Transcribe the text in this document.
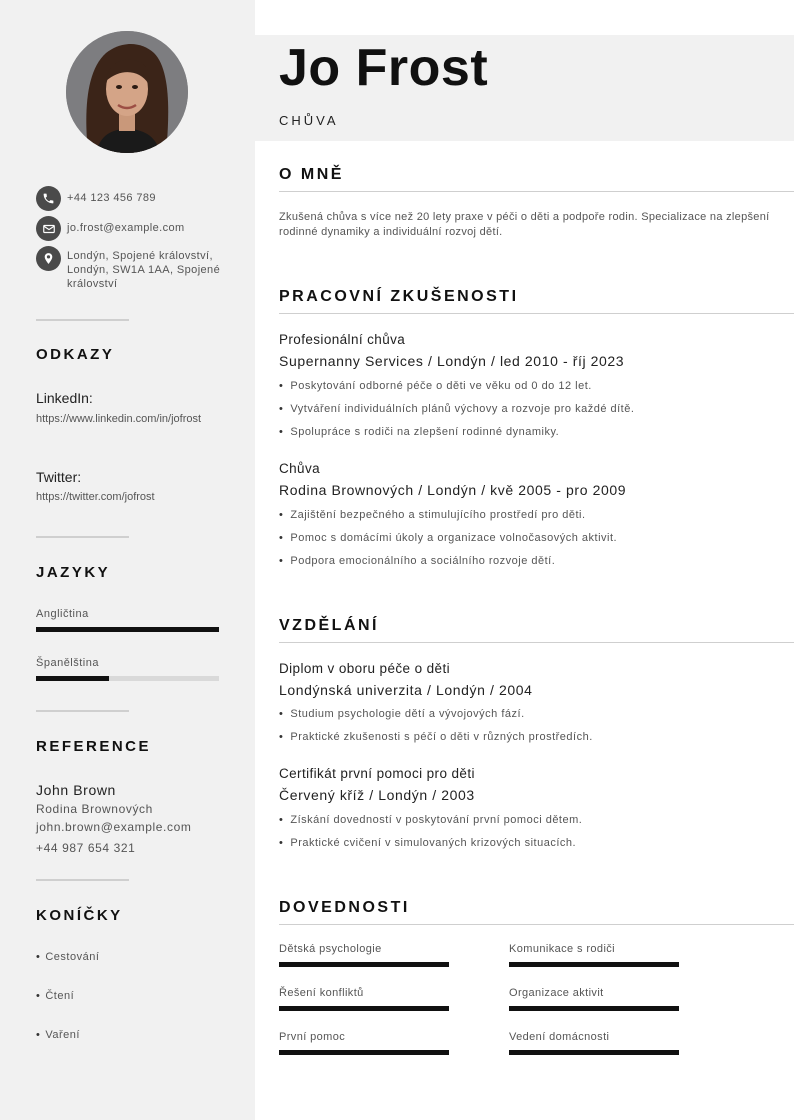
+44 123 456 789
jo.frost@example.com
Londýn, Spojené království, Londýn, SW1A 1AA, Spojené království
ODKAZY
LinkedIn:
https://www.linkedin.com/in/jofrost
Twitter:
https://twitter.com/jofrost
JAZYKY
Angličtina
Španělština
REFERENCE
John Brown
Rodina Brownových
john.brown@example.com
+44 987 654 321
KONÍČKY
• Cestování
• Čtení
• Vaření
Jo Frost
CHŮVA
O MNĚ
Zkušená chůva s více než 20 lety praxe v péči o děti a podpoře rodin. Specializace na zlepšení rodinné dynamiky a individuální rozvoj dětí.
PRACOVNÍ ZKUŠENOSTI
Profesionální chůva
Supernanny Services / Londýn / led 2010 - říj 2023
• Poskytování odborné péče o děti ve věku od 0 do 12 let.
• Vytváření individuálních plánů výchovy a rozvoje pro každé dítě.
• Spolupráce s rodiči na zlepšení rodinné dynamiky.
Chůva
Rodina Brownových / Londýn / kvě 2005 - pro 2009
• Zajištění bezpečného a stimulujícího prostředí pro děti.
• Pomoc s domácími úkoly a organizace volnočasových aktivit.
• Podpora emocionálního a sociálního rozvoje dětí.
VZDĚLÁNÍ
Diplom v oboru péče o děti
Londýnská univerzita / Londýn / 2004
• Studium psychologie dětí a vývojových fází.
• Praktické zkušenosti s péčí o děti v různých prostředích.
Certifikát první pomoci pro děti
Červený kříž / Londýn / 2003
• Získání dovedností v poskytování první pomoci dětem.
• Praktické cvičení v simulovaných krizových situacích.
DOVEDNOSTI
Dětská psychologie	Komunikace s rodiči
Řešení konfliktů	Organizace aktivit
První pomoc	Vedení domácnosti
